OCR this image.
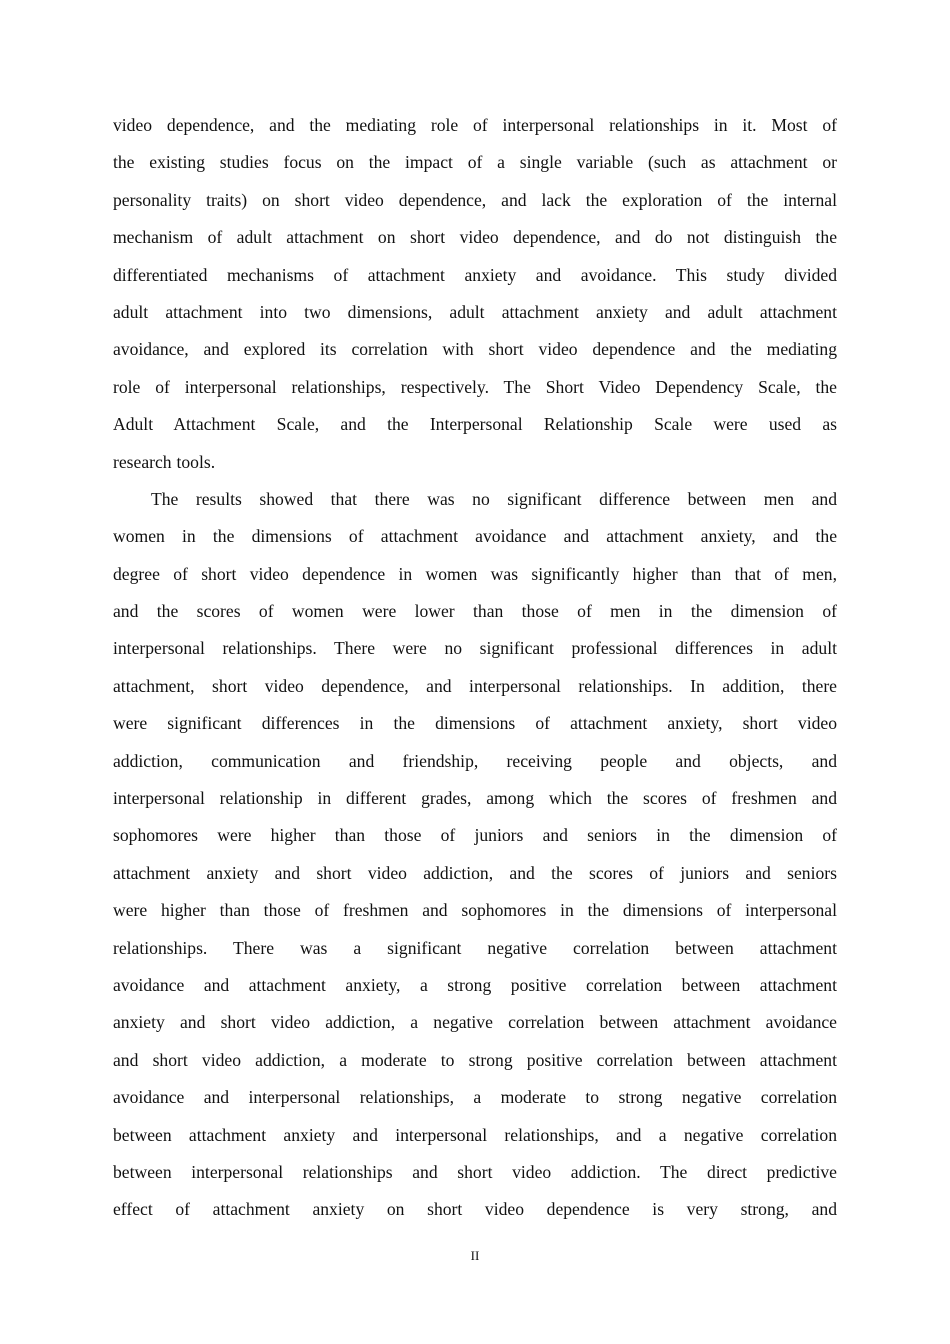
video dependence, and the mediating role of interpersonal relationships in it. Most of
the existing studies focus on the impact of a single variable (such as attachment or
personality traits) on short video dependence, and lack the exploration of the internal
mechanism of adult attachment on short video dependence, and do not distinguish the
differentiated mechanisms of attachment anxiety and avoidance. This study divided
adult attachment into two dimensions, adult attachment anxiety and adult attachment
avoidance, and explored its correlation with short video dependence and the mediating
role of interpersonal relationships, respectively. The Short Video Dependency Scale, the
Adult Attachment Scale, and the Interpersonal Relationship Scale were used as
research tools.
The results showed that there was no significant difference between men and
women in the dimensions of attachment avoidance and attachment anxiety, and the
degree of short video dependence in women was significantly higher than that of men,
and the scores of women were lower than those of men in the dimension of
interpersonal relationships. There were no significant professional differences in adult
attachment, short video dependence, and interpersonal relationships. In addition, there
were significant differences in the dimensions of attachment anxiety, short video
addiction, communication and friendship, receiving people and objects, and
interpersonal relationship in different grades, among which the scores of freshmen and
sophomores were higher than those of juniors and seniors in the dimension of
attachment anxiety and short video addiction, and the scores of juniors and seniors
were higher than those of freshmen and sophomores in the dimensions of interpersonal
relationships. There was a significant negative correlation between attachment
avoidance and attachment anxiety, a strong positive correlation between attachment
anxiety and short video addiction, a negative correlation between attachment avoidance
and short video addiction, a moderate to strong positive correlation between attachment
avoidance and interpersonal relationships, a moderate to strong negative correlation
between attachment anxiety and interpersonal relationships, and a negative correlation
between interpersonal relationships and short video addiction. The direct predictive
effect of attachment anxiety on short video dependence is very strong, and
II
